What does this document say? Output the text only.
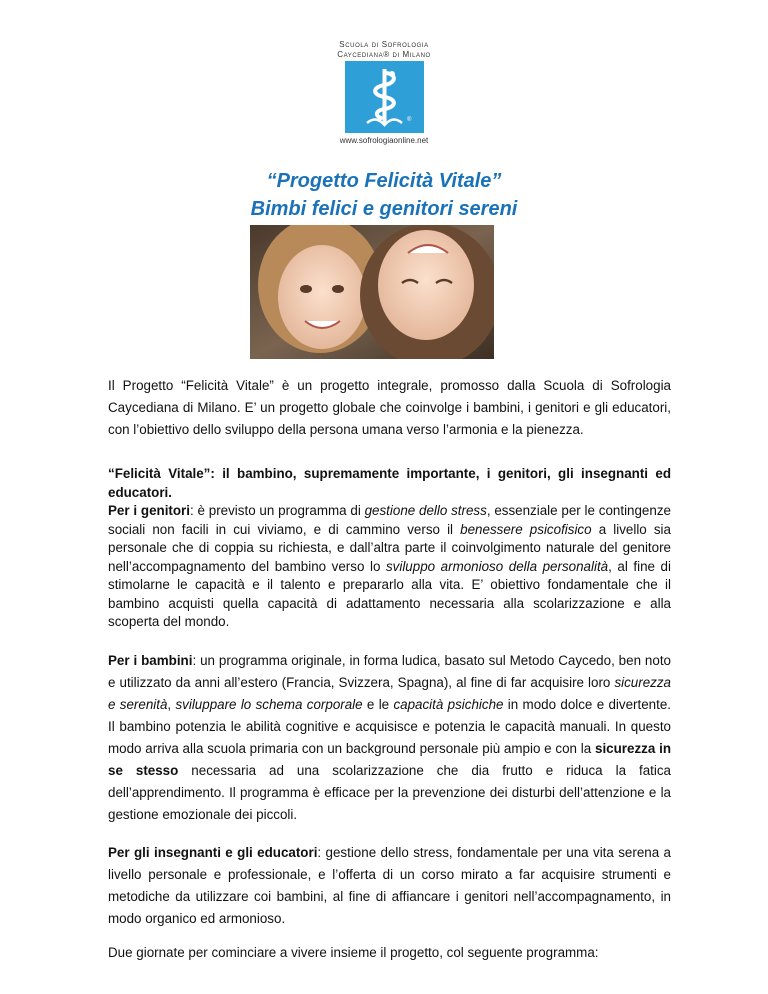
Scuola di Sofrologia
Caycediana® di Milano
®
www.sofrologiaonline.net
“Progetto Felicità Vitale”
Bimbi felici e genitori sereni

Il Progetto “Felicità Vitale” è un progetto integrale, promosso dalla Scuola di Sofrologia Caycediana di Milano. E’ un progetto globale che coinvolge i bambini, i genitori e gli educatori, con l’obiettivo dello sviluppo della persona umana verso l’armonia e la pienezza.

“Felicità Vitale”: il bambino, supremamente importante, i genitori, gli insegnanti ed educatori.

Per i genitori: è previsto un programma di gestione dello stress, essenziale per le contingenze sociali non facili in cui viviamo, e di cammino verso il benessere psicofisico a livello sia personale che di coppia su richiesta, e dall’altra parte il coinvolgimento naturale del genitore nell’accompagnamento del bambino verso lo sviluppo armonioso della personalità, al fine di stimolarne le capacità e il talento e prepararlo alla vita. E’ obiettivo fondamentale che il bambino acquisti quella capacità di adattamento necessaria alla scolarizzazione e alla scoperta del mondo.

Per i bambini: un programma originale, in forma ludica, basato sul Metodo Caycedo, ben noto e utilizzato da anni all’estero (Francia, Svizzera, Spagna), al fine di far acquisire loro sicurezza e serenità, sviluppare lo schema corporale e le capacità psichiche in modo dolce e divertente. Il bambino potenzia le abilità cognitive e acquisisce e potenzia le capacità manuali. In questo modo arriva alla scuola primaria con un background personale più ampio e con la sicurezza in se stesso necessaria ad una scolarizzazione che dia frutto e riduca la fatica dell’apprendimento. Il programma è efficace per la prevenzione dei disturbi dell’attenzione e la gestione emozionale dei piccoli.

Per gli insegnanti e gli educatori: gestione dello stress, fondamentale per una vita serena a livello personale e professionale, e l’offerta di un corso mirato a far acquisire strumenti e metodiche da utilizzare coi bambini, al fine di affiancare i genitori nell’accompagnamento, in modo organico ed armonioso.

Due giornate per cominciare a vivere insieme il progetto, col seguente programma:
